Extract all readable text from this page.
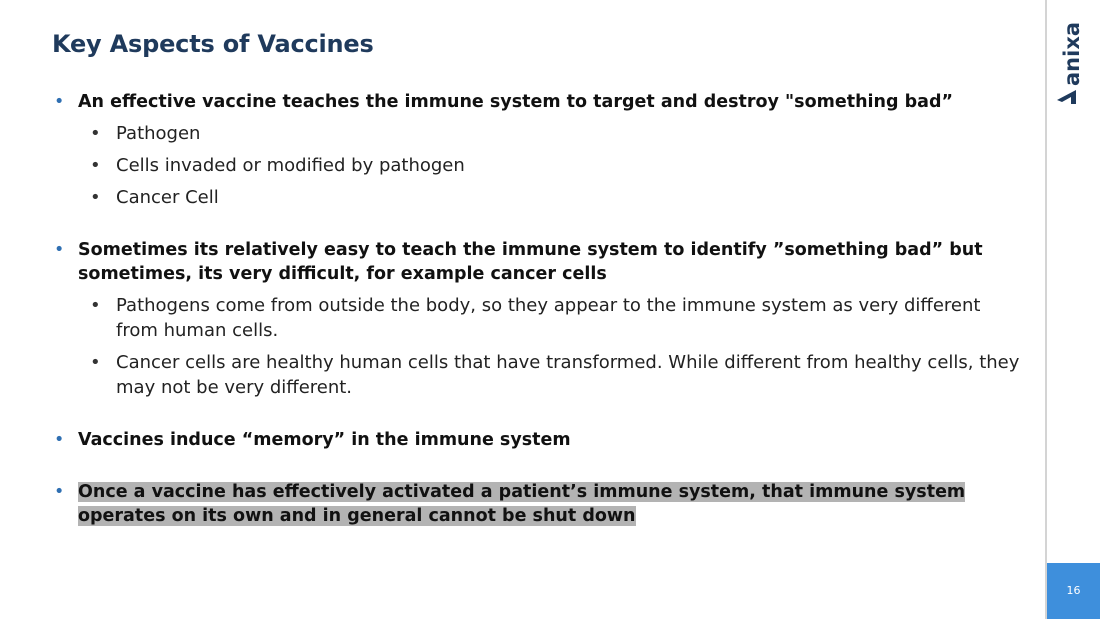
Key Aspects of Vaccines
• An effective vaccine teaches the immune system to target and destroy "something bad”
• Pathogen
• Cells invaded or modified by pathogen
• Cancer Cell
• Sometimes its relatively easy to teach the immune system to identify ”something bad” but sometimes, its very difficult, for example cancer cells
• Pathogens come from outside the body, so they appear to the immune system as very different from human cells.
• Cancer cells are healthy human cells that have transformed. While different from healthy cells, they may not be very different.
• Vaccines induce “memory” in the immune system
• Once a vaccine has effectively activated a patient’s immune system, that immune system operates on its own and in general cannot be shut down
anixa
16
